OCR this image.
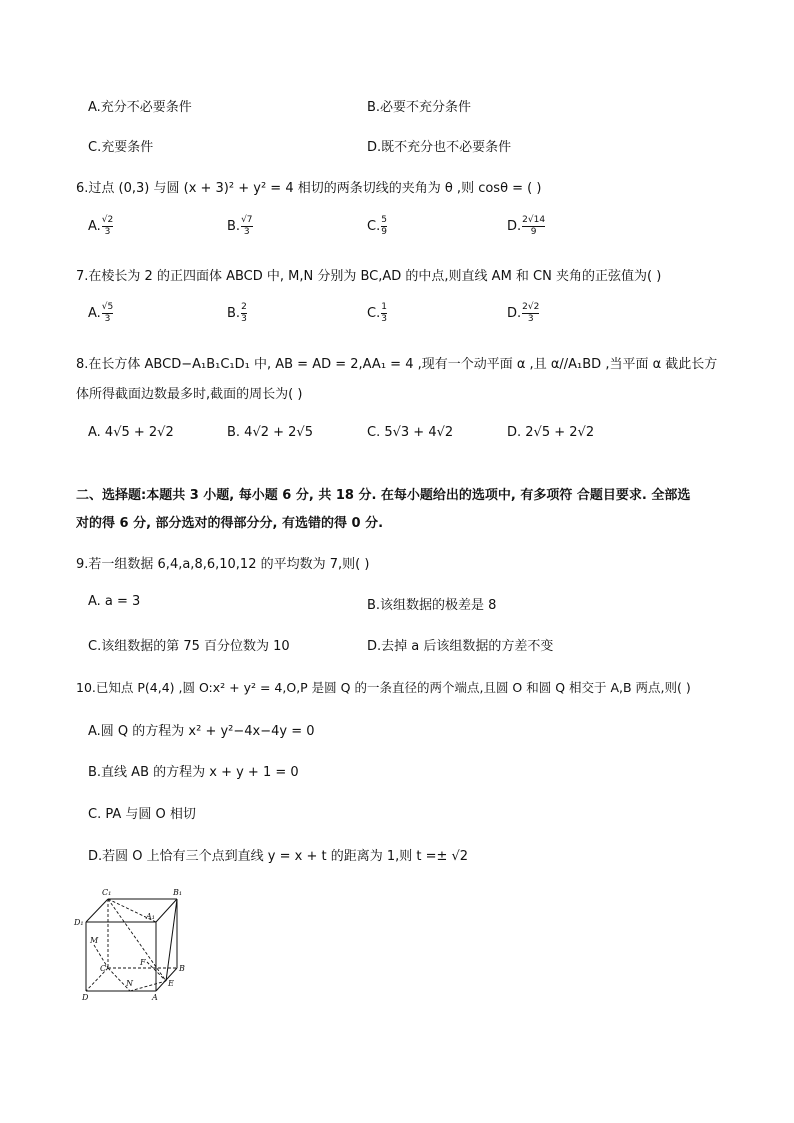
A.充分不必要条件	B.必要不充分条件
C.充要条件	D.既不充分也不必要条件
6.过点 (0,3) 与圆 (x + 3)² + y² = 4 相切的两条切线的夹角为 θ ,则 cosθ = ( )
A. $\frac{√2}{3}$	B. $\frac{√7}{3}$	C. $\frac{5}{9}$	D. $\frac{2√14}{9}$
7.在棱长为 2 的正四面体 ABCD 中, M,N 分别为 BC,AD 的中点,则直线 AM 和 CN 夹角的正弦值为( )
A. $\frac{√5}{3}$	B. $\frac{2}{3}$	C. $\frac{1}{3}$	D. $\frac{2√2}{3}$
8.在长方体 ABCD−A₁B₁C₁D₁ 中, AB = AD = 2,AA₁ = 4 ,现有一个动平面 α ,且 α//A₁BD ,当平面 α 截此长方
体所得截面边数最多时,截面的周长为( )
A. 4√5 + 2√2	B. 4√2 + 2√5	C. 5√3 + 4√2	D. 2√5 + 2√2
二、选择题:本题共 3 小题, 每小题 6 分, 共 18 分. 在每小题给出的选项中, 有多项符 合题目要求. 全部选
对的得 6 分, 部分选对的得部分分, 有选错的得 0 分.
9.若一组数据 6,4,a,8,6,10,12 的平均数为 7,则( )
A. a = 3	B.该组数据的极差是 8
C.该组数据的第 75 百分位数为 10	D.去掉 a 后该组数据的方差不变
10.已知点 P(4,4) ,圆 O:x² + y² = 4,O,P 是圆 Q 的一条直径的两个端点,且圆 O 和圆 Q 相交于 A,B 两点,则( )
A.圆 Q 的方程为 x² + y²−4x−4y = 0
B.直线 AB 的方程为 x + y + 1 = 0
C. PA 与圆 O 相切
D.若圆 O 上恰有三个点到直线 y = x + t 的距离为 1,则 t =± √2
C₁	B₁
D₁
A₁
M
C
F
B
N	E
D	A
